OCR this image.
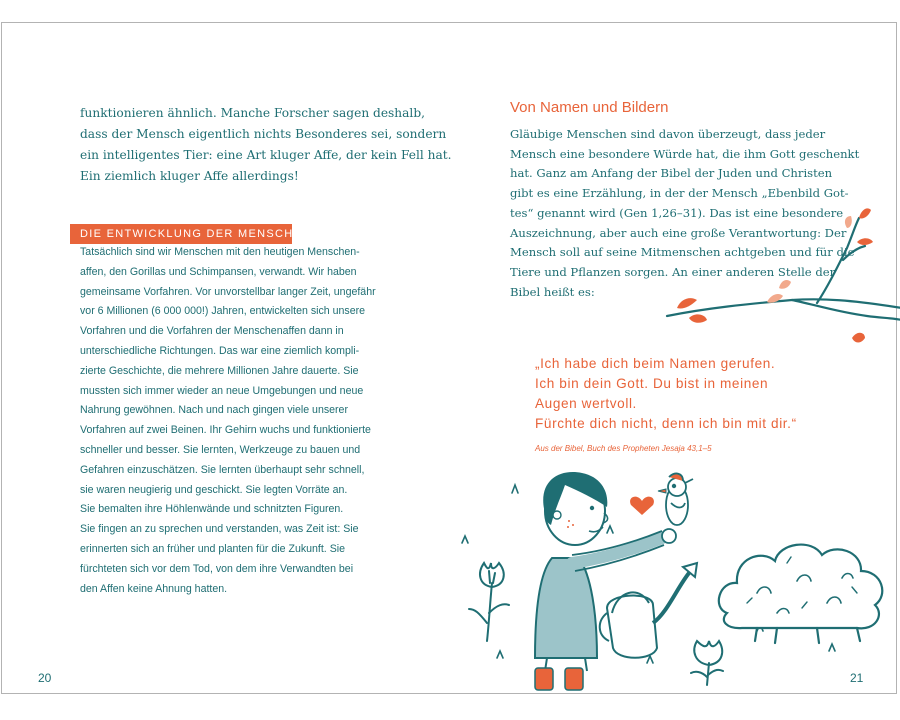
funktionieren ähnlich. Manche Forscher sagen deshalb,
dass der Mensch eigentlich nichts Besonderes sei, sondern
ein intelligentes Tier: eine Art kluger Affe, der kein Fell hat.
Ein ziemlich kluger Affe allerdings!
DIE ENTWICKLUNG DER MENSCHHEIT
Tatsächlich sind wir Menschen mit den heutigen Menschen-
affen, den Gorillas und Schimpansen, verwandt. Wir haben
gemeinsame Vorfahren. Vor unvorstellbar langer Zeit, ungefähr
vor 6 Millionen (6 000 000!) Jahren, entwickelten sich unsere
Vorfahren und die Vorfahren der Menschenaffen dann in
unterschiedliche Richtungen. Das war eine ziemlich kompli-
zierte Geschichte, die mehrere Millionen Jahre dauerte. Sie
mussten sich immer wieder an neue Umgebungen und neue
Nahrung gewöhnen. Nach und nach gingen viele unserer
Vorfahren auf zwei Beinen. Ihr Gehirn wuchs und funktionierte
schneller und besser. Sie lernten, Werkzeuge zu bauen und
Gefahren einzuschätzen. Sie lernten überhaupt sehr schnell,
sie waren neugierig und geschickt. Sie legten Vorräte an.
Sie bemalten ihre Höhlenwände und schnitzten Figuren.
Sie fingen an zu sprechen und verstanden, was Zeit ist: Sie
erinnerten sich an früher und planten für die Zukunft. Sie
fürchteten sich vor dem Tod, von dem ihre Verwandten bei
den Affen keine Ahnung hatten.
20
Von Namen und Bildern
Gläubige Menschen sind davon überzeugt, dass jeder
Mensch eine besondere Würde hat, die ihm Gott geschenkt
hat. Ganz am Anfang der Bibel der Juden und Christen
gibt es eine Erzählung, in der der Mensch „Ebenbild Got-
tes“ genannt wird (Gen 1,26–31). Das ist eine besondere
Auszeichnung, aber auch eine große Verantwortung: Der
Mensch soll auf seine Mitmenschen achtgeben und für die
Tiere und Pflanzen sorgen. An einer anderen Stelle der
Bibel heißt es:
„Ich habe dich beim Namen gerufen.
Ich bin dein Gott. Du bist in meinen
Augen wertvoll.
Fürchte dich nicht, denn ich bin mit dir.“
Aus der Bibel, Buch des Propheten Jesaja 43,1–5
21
